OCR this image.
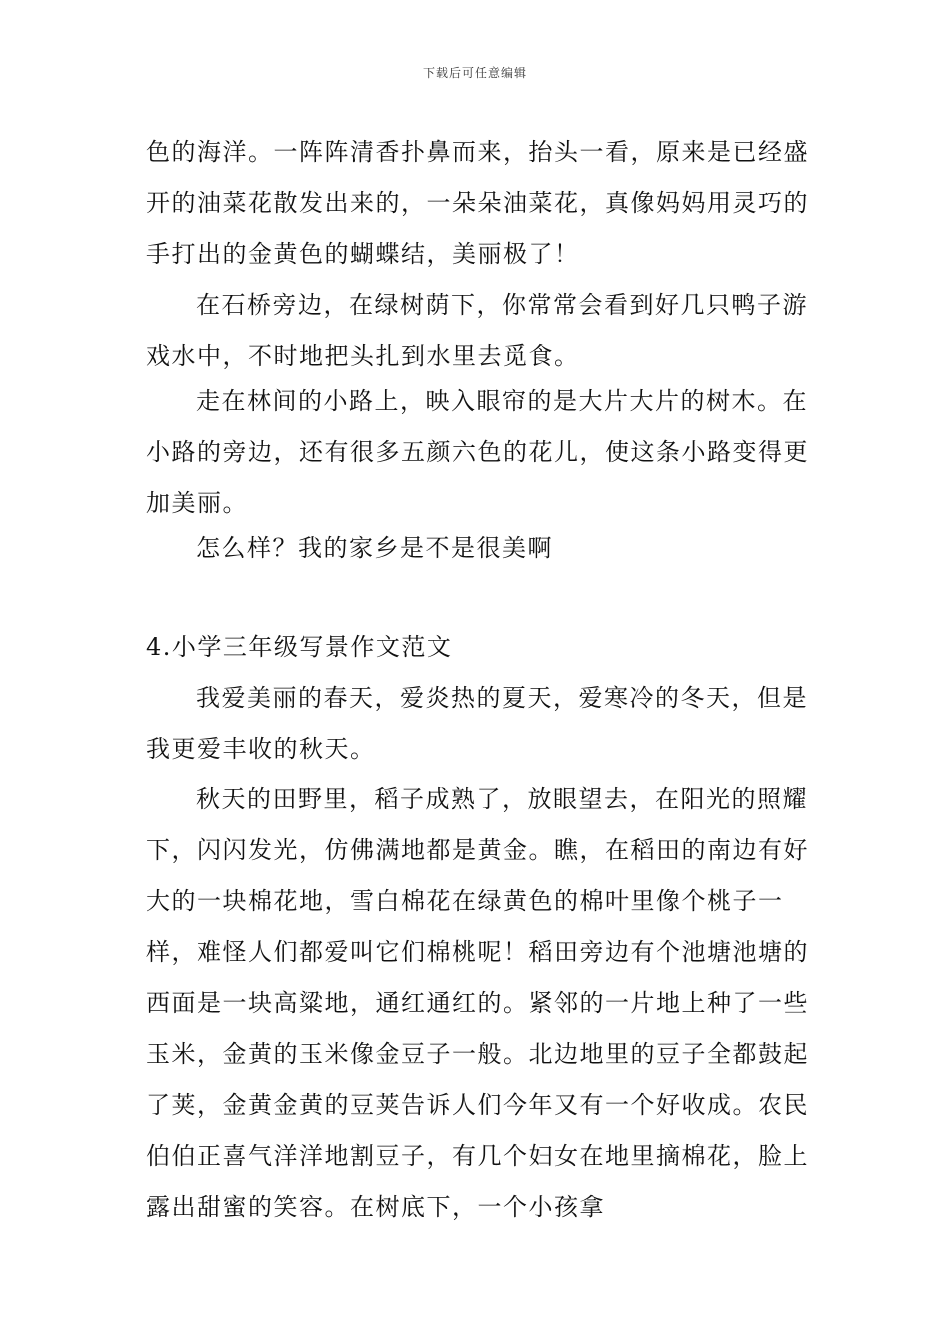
下载后可任意编辑

色的海洋。一阵阵清香扑鼻而来，抬头一看，原来是已经盛开的油菜花散发出来的，一朵朵油菜花，真像妈妈用灵巧的手打出的金黄色的蝴蝶结，美丽极了！

在石桥旁边，在绿树荫下，你常常会看到好几只鸭子游戏水中，不时地把头扎到水里去觅食。

走在林间的小路上，映入眼帘的是大片大片的树木。在小路的旁边，还有很多五颜六色的花儿，使这条小路变得更加美丽。

怎么样？我的家乡是不是很美啊

4.小学三年级写景作文范文

我爱美丽的春天，爱炎热的夏天，爱寒冷的冬天，但是我更爱丰收的秋天。

秋天的田野里，稻子成熟了，放眼望去，在阳光的照耀下，闪闪发光，仿佛满地都是黄金。瞧，在稻田的南边有好大的一块棉花地，雪白棉花在绿黄色的棉叶里像个桃子一样，难怪人们都爱叫它们棉桃呢！稻田旁边有个池塘池塘的西面是一块高粱地，通红通红的。紧邻的一片地上种了一些玉米，金黄的玉米像金豆子一般。北边地里的豆子全都鼓起了荚，金黄金黄的豆荚告诉人们今年又有一个好收成。农民伯伯正喜气洋洋地割豆子，有几个妇女在地里摘棉花，脸上露出甜蜜的笑容。在树底下，一个小孩拿
